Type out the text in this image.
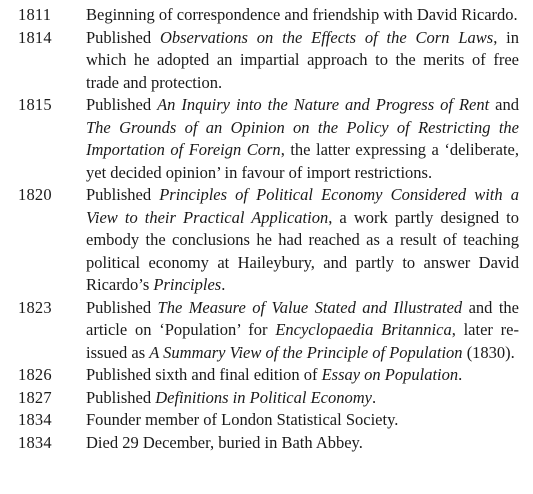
1811 Beginning of correspondence and friendship with David Ricardo.
1814 Published Observations on the Effects of the Corn Laws, in which he adopted an impartial approach to the merits of free trade and protection.
1815 Published An Inquiry into the Nature and Progress of Rent and The Grounds of an Opinion on the Policy of Restricting the Importation of Foreign Corn, the latter expressing a ‘deliberate, yet decided opinion’ in favour of import restrictions.
1820 Published Principles of Political Economy Considered with a View to their Practical Application, a work partly designed to embody the conclusions he had reached as a result of teaching political economy at Haileybury, and partly to answer David Ricardo’s Principles.
1823 Published The Measure of Value Stated and Illustrated and the article on ‘Population’ for Encyclopaedia Britannica, later re-issued as A Summary View of the Principle of Population (1830).
1826 Published sixth and final edition of Essay on Population.
1827 Published Definitions in Political Economy.
1834 Founder member of London Statistical Society.
1834 Died 29 December, buried in Bath Abbey.
